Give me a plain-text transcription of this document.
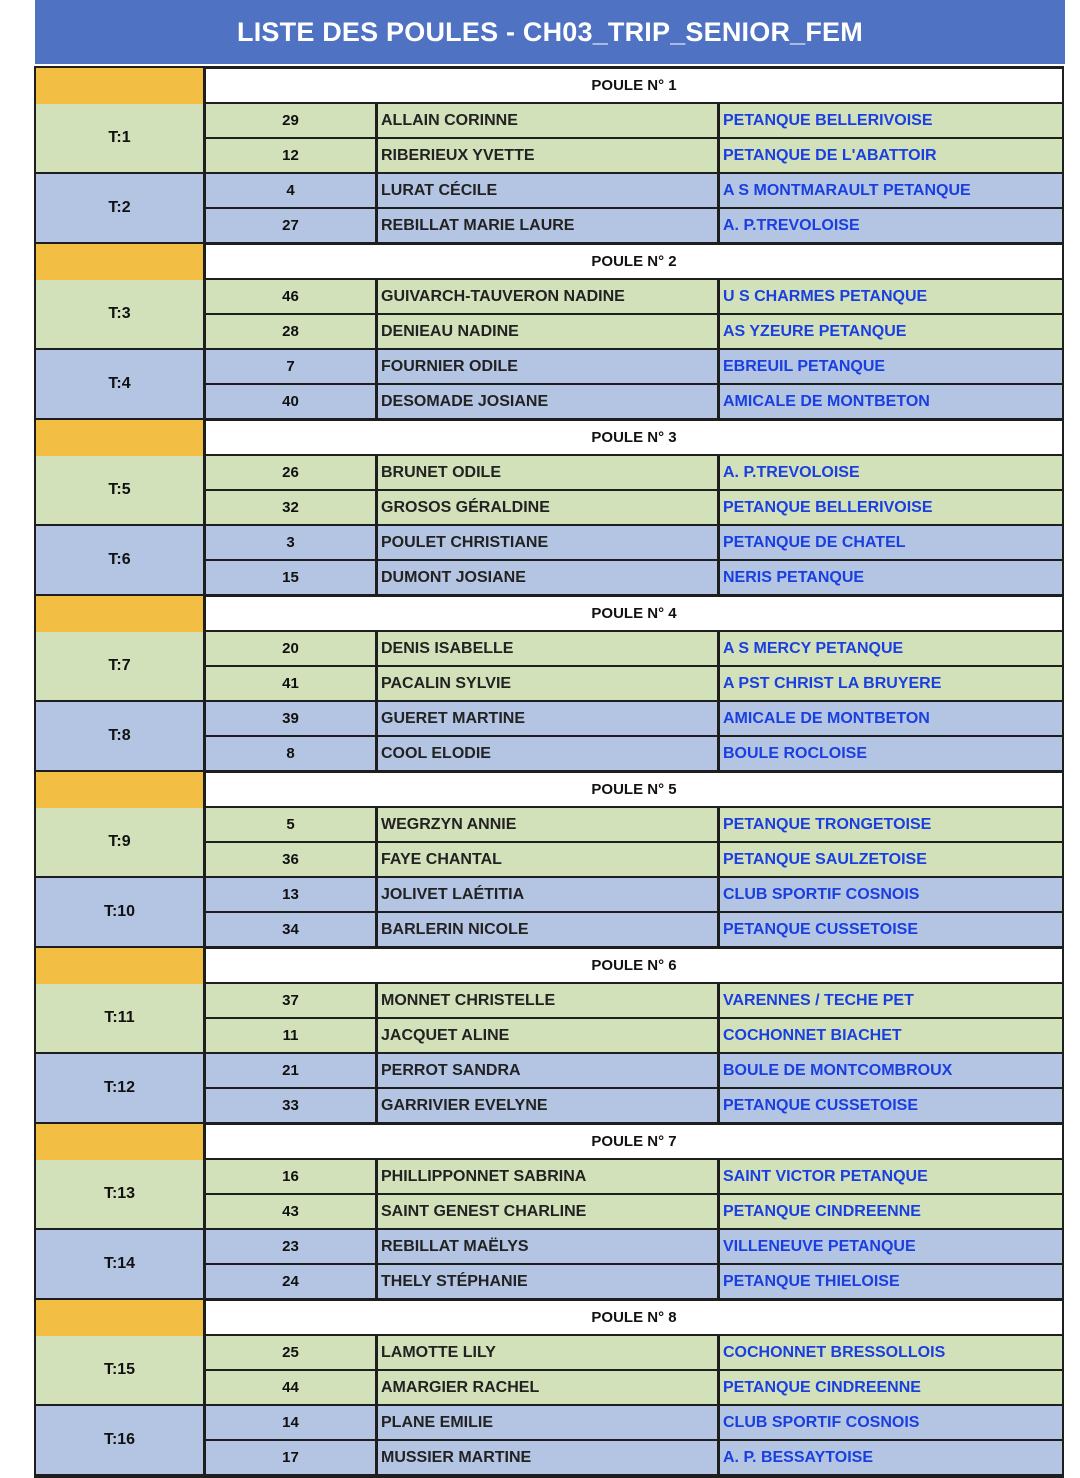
LISTE DES POULES - CH03_TRIP_SENIOR_FEM
POULE N° 1
T:1
29	ALLAIN CORINNE	PETANQUE BELLERIVOISE
12	RIBERIEUX YVETTE	PETANQUE DE L'ABATTOIR
T:2
4	LURAT CÉCILE	A S MONTMARAULT PETANQUE
27	REBILLAT MARIE LAURE	A. P.TREVOLOISE
POULE N° 2
T:3
46	GUIVARCH-TAUVERON NADINE	U S CHARMES PETANQUE
28	DENIEAU NADINE	AS YZEURE PETANQUE
T:4
7	FOURNIER ODILE	EBREUIL PETANQUE
40	DESOMADE JOSIANE	AMICALE DE MONTBETON
POULE N° 3
T:5
26	BRUNET ODILE	A. P.TREVOLOISE
32	GROSOS GÉRALDINE	PETANQUE BELLERIVOISE
T:6
3	POULET CHRISTIANE	PETANQUE DE CHATEL
15	DUMONT JOSIANE	NERIS PETANQUE
POULE N° 4
T:7
20	DENIS ISABELLE	A S MERCY PETANQUE
41	PACALIN SYLVIE	A PST CHRIST LA BRUYERE
T:8
39	GUERET MARTINE	AMICALE DE MONTBETON
8	COOL ELODIE	BOULE ROCLOISE
POULE N° 5
T:9
5	WEGRZYN ANNIE	PETANQUE TRONGETOISE
36	FAYE CHANTAL	PETANQUE SAULZETOISE
T:10
13	JOLIVET LAÉTITIA	CLUB SPORTIF COSNOIS
34	BARLERIN NICOLE	PETANQUE CUSSETOISE
POULE N° 6
T:11
37	MONNET CHRISTELLE	VARENNES / TECHE PET
11	JACQUET ALINE	COCHONNET BIACHET
T:12
21	PERROT SANDRA	BOULE DE MONTCOMBROUX
33	GARRIVIER EVELYNE	PETANQUE CUSSETOISE
POULE N° 7
T:13
16	PHILLIPPONNET SABRINA	SAINT VICTOR PETANQUE
43	SAINT GENEST CHARLINE	PETANQUE CINDREENNE
T:14
23	REBILLAT MAËLYS	VILLENEUVE PETANQUE
24	THELY STÉPHANIE	PETANQUE THIELOISE
POULE N° 8
T:15
25	LAMOTTE LILY	COCHONNET BRESSOLLOIS
44	AMARGIER RACHEL	PETANQUE CINDREENNE
T:16
14	PLANE EMILIE	CLUB SPORTIF COSNOIS
17	MUSSIER MARTINE	A. P. BESSAYTOISE
